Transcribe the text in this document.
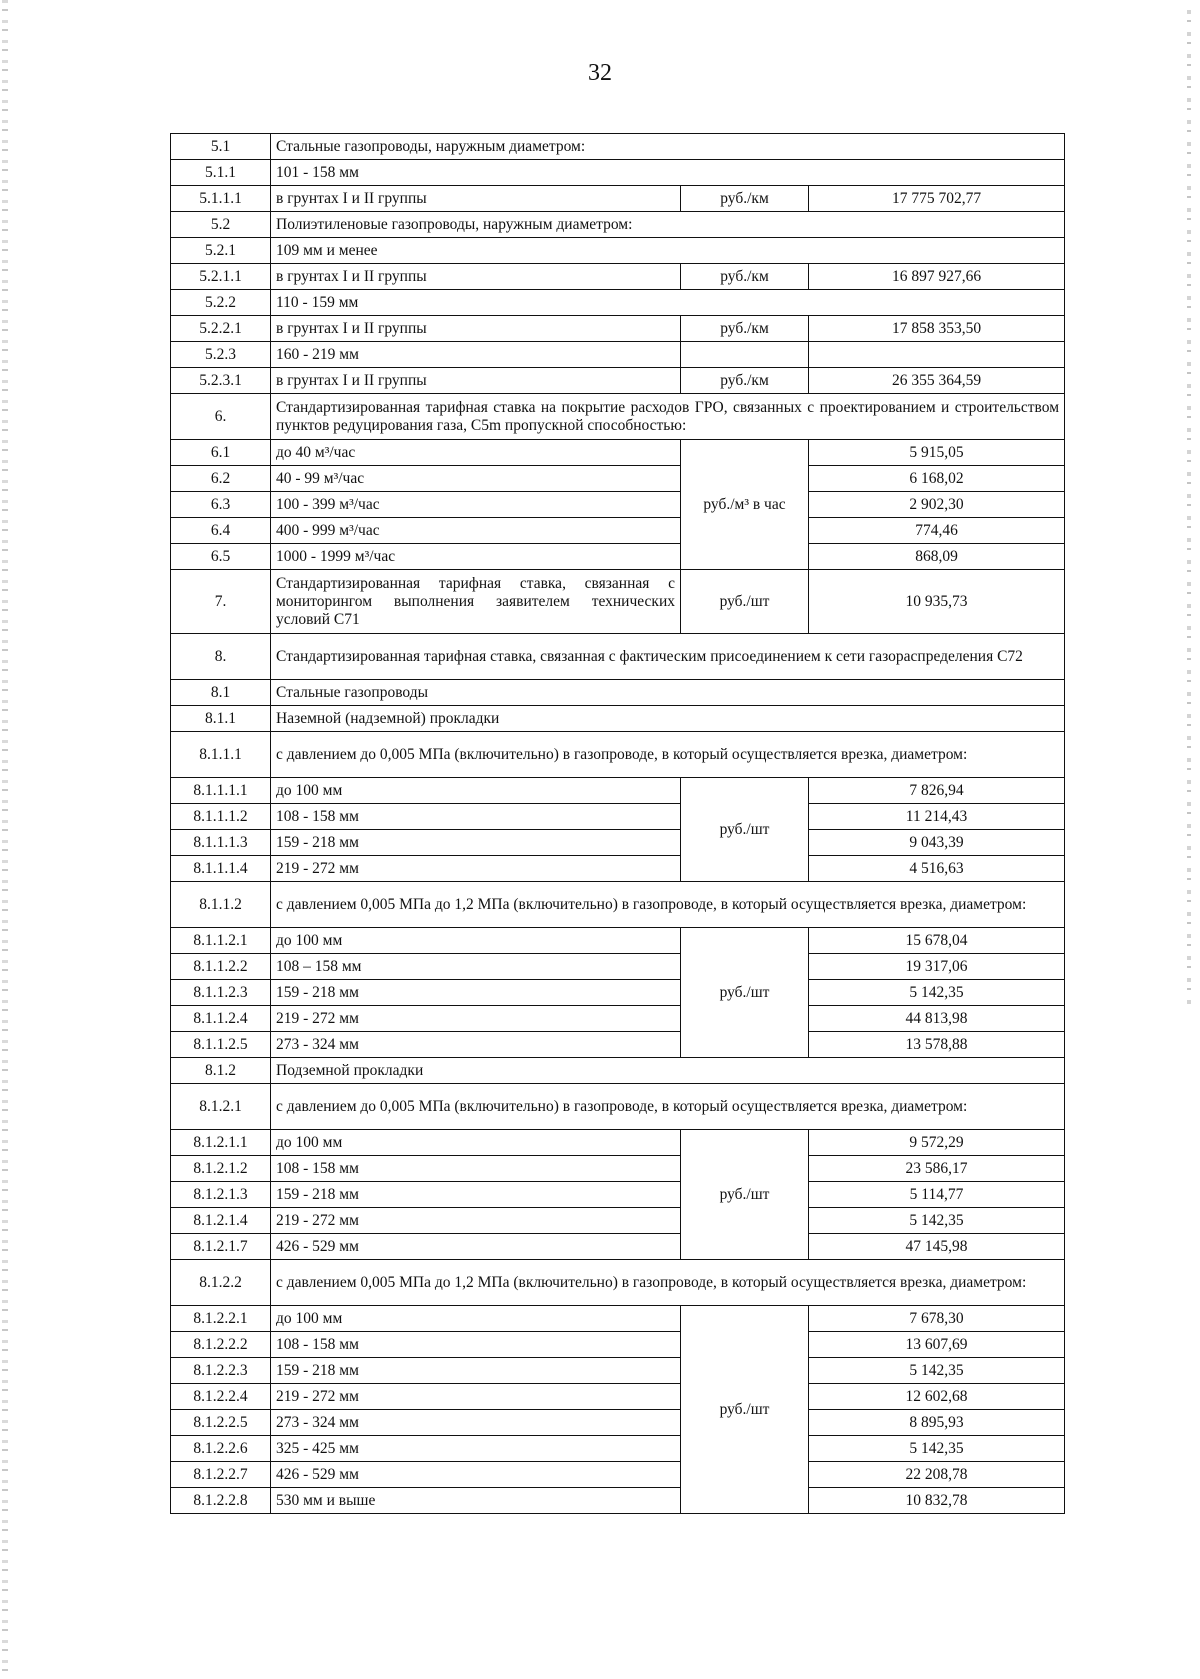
32
5.1	Стальные газопроводы, наружным диаметром:		
5.1.1	101 - 158 мм		
5.1.1.1	в грунтах I и II группы	руб./км	17 775 702,77
5.2	Полиэтиленовые газопроводы, наружным диаметром:		
5.2.1	109 мм и менее		
5.2.1.1	в грунтах I и II группы	руб./км	16 897 927,66
5.2.2	110 - 159 мм		
5.2.2.1	в грунтах I и II группы	руб./км	17 858 353,50
5.2.3	160 - 219 мм		
5.2.3.1	в грунтах I и II группы	руб./км	26 355 364,59
6.	Стандартизированная тарифная ставка на покрытие расходов ГРО, связанных с проектированием и строительством пунктов редуцирования газа, C5m пропускной способностью:		
6.1	до 40 м³/час	руб./м³ в час	5 915,05
6.2	40 - 99 м³/час		6 168,02
6.3	100 - 399 м³/час		2 902,30
6.4	400 - 999 м³/час		774,46
6.5	1000 - 1999 м³/час		868,09
7.	Стандартизированная тарифная ставка, связанная с мониторингом выполнения заявителем технических условий C71	руб./шт	10 935,73
8.	Стандартизированная тарифная ставка, связанная с фактическим присоединением к сети газораспределения C72		
8.1	Стальные газопроводы		
8.1.1	Наземной (надземной) прокладки		
8.1.1.1	с давлением до 0,005 МПа (включительно) в газопроводе, в который осуществляется врезка, диаметром:		
8.1.1.1.1	до 100 мм	руб./шт	7 826,94
8.1.1.1.2	108 - 158 мм		11 214,43
8.1.1.1.3	159 - 218 мм		9 043,39
8.1.1.1.4	219 - 272 мм		4 516,63
8.1.1.2	с давлением 0,005 МПа до 1,2 МПа (включительно) в газопроводе, в который осуществляется врезка, диаметром:		
8.1.1.2.1	до 100 мм	руб./шт	15 678,04
8.1.1.2.2	108 – 158 мм		19 317,06
8.1.1.2.3	159 - 218 мм		5 142,35
8.1.1.2.4	219 - 272 мм		44 813,98
8.1.1.2.5	273 - 324 мм		13 578,88
8.1.2	Подземной прокладки		
8.1.2.1	с давлением до 0,005 МПа (включительно) в газопроводе, в который осуществляется врезка, диаметром:		
8.1.2.1.1	до 100 мм	руб./шт	9 572,29
8.1.2.1.2	108 - 158 мм		23 586,17
8.1.2.1.3	159 - 218 мм		5 114,77
8.1.2.1.4	219 - 272 мм		5 142,35
8.1.2.1.7	426 - 529 мм		47 145,98
8.1.2.2	с давлением 0,005 МПа до 1,2 МПа (включительно) в газопроводе, в который осуществляется врезка, диаметром:		
8.1.2.2.1	до 100 мм	руб./шт	7 678,30
8.1.2.2.2	108 - 158 мм		13 607,69
8.1.2.2.3	159 - 218 мм		5 142,35
8.1.2.2.4	219 - 272 мм		12 602,68
8.1.2.2.5	273 - 324 мм		8 895,93
8.1.2.2.6	325 - 425 мм		5 142,35
8.1.2.2.7	426 - 529 мм		22 208,78
8.1.2.2.8	530 мм и выше		10 832,78
